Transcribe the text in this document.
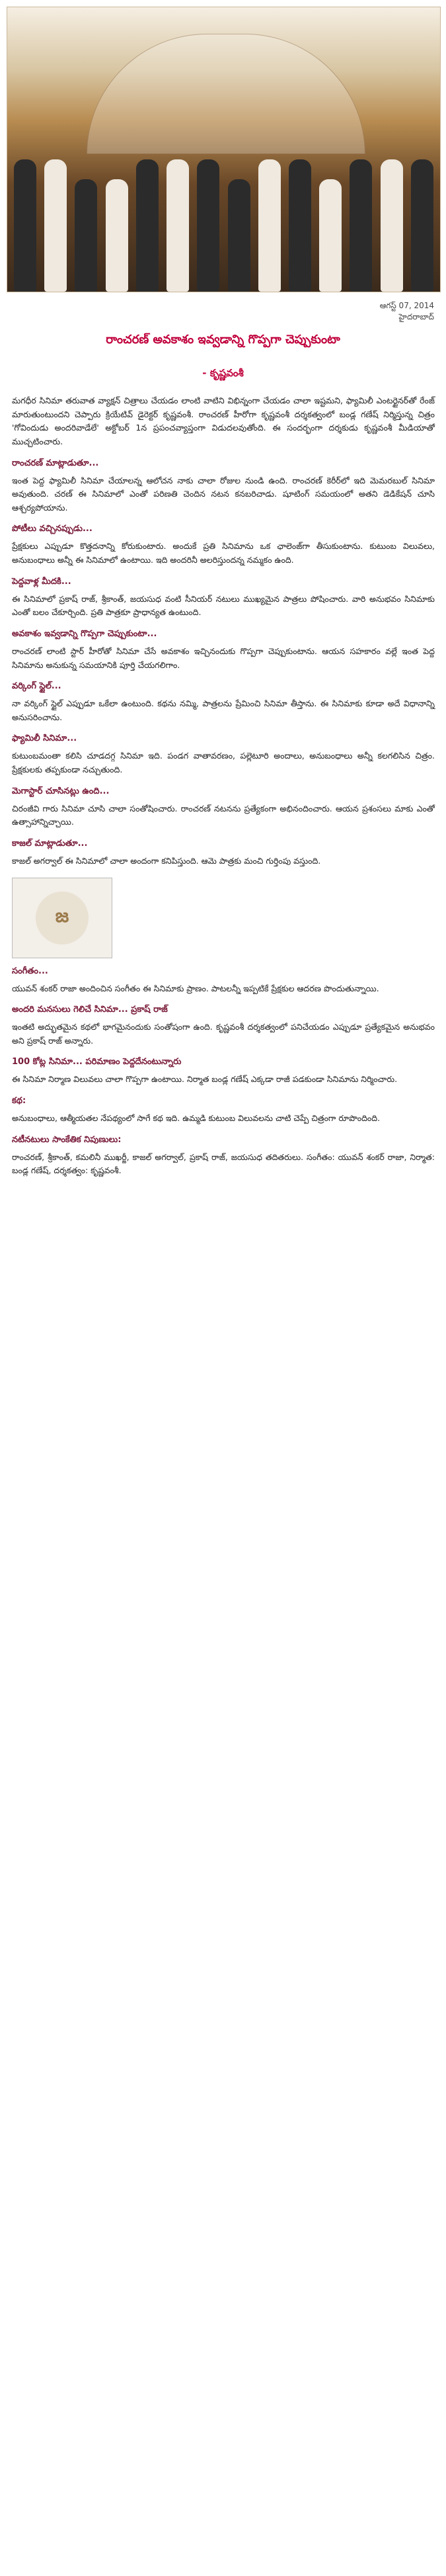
ఆగస్ట్ 07, 2014
హైదరాబాద్
రాంచరణ్ అవకాశం ఇవ్వడాన్ని గొప్పగా చెప్పుకుంటా
- కృష్ణవంశీ
మగధీర సినిమా తరువాత వ్యాక్షన్ చిత్రాలు చేయడం లాంటి వాటిని విభిన్నంగా చేయడం చాలా ఇష్టమని, ఫ్యామిలీ ఎంటర్టైనర్‌తో రేంజ్ మారుతుంటుందని చెప్పారు క్రియేటివ్ డైరెక్టర్ కృష్ణవంశీ. రాంచరణ్ హీరోగా కృష్ణవంశీ దర్శకత్వంలో బండ్ల గణేష్ నిర్మిస్తున్న చిత్రం 'గోవిందుడు అందరివాడేలే' అక్టోబర్ 1న ప్రపంచవ్యాప్తంగా విడుదలవుతోంది. ఈ సందర్భంగా దర్శకుడు కృష్ణవంశీ మీడియాతో ముచ్చటించారు.
రాంచరణ్ మాట్లాడుతూ...
ఇంత పెద్ద ఫ్యామిలీ సినిమా చేయాలన్న ఆలోచన నాకు చాలా రోజుల నుండి ఉంది. రాంచరణ్ కెరీర్‌లో ఇది మెమరబుల్ సినిమా అవుతుంది. చరణ్ ఈ సినిమాలో ఎంతో పరిణతి చెందిన నటన కనబరిచాడు. షూటింగ్ సమయంలో అతని డెడికేషన్ చూసి ఆశ్చర్యపోయాను.
పోటీలు వచ్చినప్పుడు...
ప్రేక్షకులు ఎప్పుడూ కొత్తదనాన్ని కోరుకుంటారు. అందుకే ప్రతి సినిమాను ఒక ఛాలెంజ్‌గా తీసుకుంటాను. కుటుంబ విలువలు, అనుబంధాలు అన్నీ ఈ సినిమాలో ఉంటాయి. ఇది అందరినీ అలరిస్తుందన్న నమ్మకం ఉంది.
పెద్దవాళ్ల మీదకి...
ఈ సినిమాలో ప్రకాష్ రాజ్, శ్రీకాంత్, జయసుధ వంటి సీనియర్ నటులు ముఖ్యమైన పాత్రలు పోషించారు. వారి అనుభవం సినిమాకు ఎంతో బలం చేకూర్చింది. ప్రతి పాత్రకూ ప్రాధాన్యత ఉంటుంది.
అవకాశం ఇవ్వడాన్ని గొప్పగా చెప్పుకుంటా...
రాంచరణ్ లాంటి స్టార్ హీరోతో సినిమా చేసే అవకాశం ఇచ్చినందుకు గొప్పగా చెప్పుకుంటాను. ఆయన సహకారం వల్లే ఇంత పెద్ద సినిమాను అనుకున్న సమయానికి పూర్తి చేయగలిగాం.
వర్కింగ్ స్టైల్...
నా వర్కింగ్ స్టైల్ ఎప్పుడూ ఒకేలా ఉంటుంది. కథను నమ్మి, పాత్రలను ప్రేమించి సినిమా తీస్తాను. ఈ సినిమాకు కూడా అదే విధానాన్ని అనుసరించాను.
ఫ్యామిలీ సినిమా...
కుటుంబమంతా కలిసి చూడదగ్గ సినిమా ఇది. పండగ వాతావరణం, పల్లెటూరి అందాలు, అనుబంధాలు అన్నీ కలగలిసిన చిత్రం. ప్రేక్షకులకు తప్పకుండా నచ్చుతుంది.
మెగాస్టార్ చూసినట్లు ఉంది...
చిరంజీవి గారు సినిమా చూసి చాలా సంతోషించారు. రాంచరణ్ నటనను ప్రత్యేకంగా అభినందించారు. ఆయన ప్రశంసలు మాకు ఎంతో ఉత్సాహాన్నిచ్చాయి.
కాజల్ మాట్లాడుతూ...
కాజల్ అగర్వాల్ ఈ సినిమాలో చాలా అందంగా కనిపిస్తుంది. ఆమె పాత్రకు మంచి గుర్తింపు వస్తుంది.
జ
సంగీతం...
యువన్ శంకర్ రాజా అందించిన సంగీతం ఈ సినిమాకు ప్రాణం. పాటలన్నీ ఇప్పటికే ప్రేక్షకుల ఆదరణ పొందుతున్నాయి.
అందరి మనసులు గెలిచే సినిమా... ప్రకాష్ రాజ్
ఇంతటి అద్భుతమైన కథలో భాగమైనందుకు సంతోషంగా ఉంది. కృష్ణవంశీ దర్శకత్వంలో పనిచేయడం ఎప్పుడూ ప్రత్యేకమైన అనుభవం అని ప్రకాష్ రాజ్ అన్నారు.
100 కోట్ల సినిమా... పరిమాణం పెద్దదేనంటున్నారు
ఈ సినిమా నిర్మాణ విలువలు చాలా గొప్పగా ఉంటాయి. నిర్మాత బండ్ల గణేష్ ఎక్కడా రాజీ పడకుండా సినిమాను నిర్మించారు.
కథ:
అనుబంధాలు, ఆత్మీయతల నేపథ్యంలో సాగే కథ ఇది. ఉమ్మడి కుటుంబ విలువలను చాటి చెప్పే చిత్రంగా రూపొందింది.
నటీనటులు సాంకేతిక నిపుణులు:
రాంచరణ్, శ్రీకాంత్, కమలినీ ముఖర్జీ, కాజల్ అగర్వాల్, ప్రకాష్ రాజ్, జయసుధ తదితరులు. సంగీతం: యువన్ శంకర్ రాజా, నిర్మాత: బండ్ల గణేష్, దర్శకత్వం: కృష్ణవంశీ.
